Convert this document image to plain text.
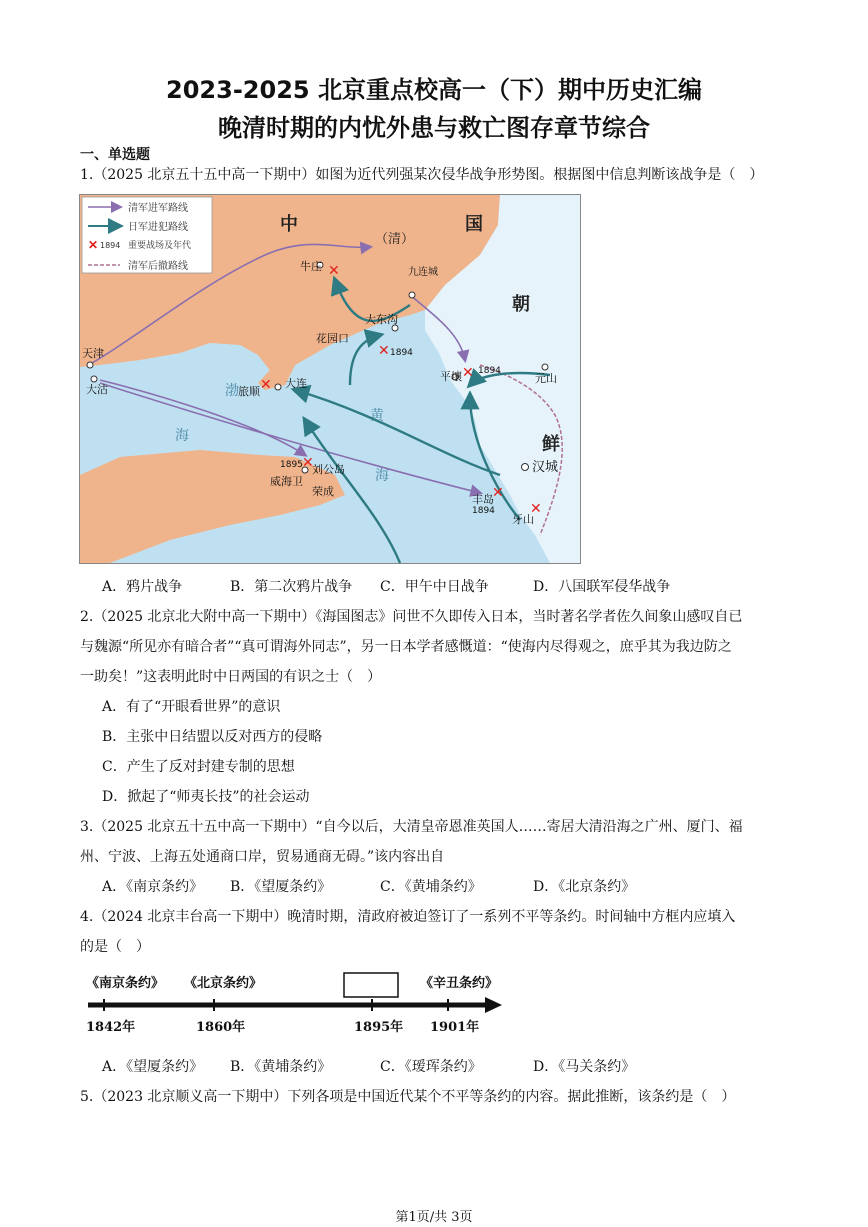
2023-2025 北京重点校高一（下）期中历史汇编
晚清时期的内忧外患与救亡图存章节综合
一、单选题
1.（2025 北京五十五中高一下期中）如图为近代列强某次侵华战争形势图。根据图中信息判断该战争是（　）
清军进军路线
日军进犯路线
✕ 1894 重要战场及年代
清军后撤路线
中	国
（清）
朝
鲜
渤
海
黄
海
天津
大沽
牛庄	九连城
大东沟
花园口
旅顺
大连
威海卫
刘公岛
荣成
平壤	元山
汉城
丰岛
牙山
✕
✕
✕
✕
✕
✕
✕
1894
1894
1895
1894
A．鸦片战争	B．第二次鸦片战争 C．甲午中日战争	D．八国联军侵华战争
2.（2025 北京北大附中高一下期中）《海国图志》问世不久即传入日本，当时著名学者佐久间象山感叹自已
与魏源“所见亦有暗合者”“真可谓海外同志”，另一日本学者感慨道：“使海内尽得观之，庶乎其为我边防之
一助矣！”这表明此时中日两国的有识之士（　）
A．有了“开眼看世界”的意识
B．主张中日结盟以反对西方的侵略
C．产生了反对封建专制的思想
D．掀起了“师夷长技”的社会运动
3.（2025 北京五十五中高一下期中）“自今以后，大清皇帝恩准英国人……寄居大清沿海之广州、厦门、福
州、宁波、上海五处通商口岸，贸易通商无碍。”该内容出自
A．《南京条约》 B．《望厦条约》	C．《黄埔条约》	D．《北京条约》
4.（2024 北京丰台高一下期中）晚清时期，清政府被迫签订了一系列不平等条约。时间轴中方框内应填入
的是（　）
《南京条约》 《北京条约》	《辛丑条约》
1842年	1860年	1895年 1901年
A．《望厦条约》 B．《黄埔条约》	C．《瑷珲条约》	D．《马关条约》
5.（2023 北京顺义高一下期中）下列各项是中国近代某个不平等条约的内容。据此推断，该条约是（　）
第1页/共 3页
